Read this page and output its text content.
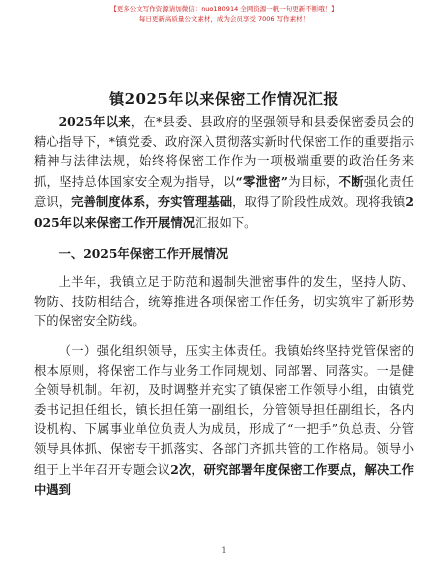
【更多公文写作资源请加微信：nuo180914 全网资源一帆一句更新不断哦！】
每日更新高质量公文素材，成为会员享受 7006 写作素材！
镇2025年以来保密工作情况汇报

2025年以来，在*县委、县政府的坚强领导和县委保密委员会的精心指导下，*镇党委、政府深入贯彻落实新时代保密工作的重要指示精神与法律法规，始终将保密工作作为一项极端重要的政治任务来抓，坚持总体国家安全观为指导，以“零泄密”为目标，不断强化责任意识，完善制度体系，夯实管理基础，取得了阶段性成效。现将我镇2025年以来保密工作开展情况汇报如下。

一、2025年保密工作开展情况

上半年，我镇立足于防范和遏制失泄密事件的发生，坚持人防、物防、技防相结合，统筹推进各项保密工作任务，切实筑牢了新形势下的保密安全防线。

（一）强化组织领导，压实主体责任。我镇始终坚持党管保密的根本原则，将保密工作与业务工作同规划、同部署、同落实。一是健全领导机制。年初，及时调整并充实了镇保密工作领导小组，由镇党委书记担任组长，镇长担任第一副组长，分管领导担任副组长，各内设机构、下属事业单位负责人为成员，形成了“一把手”负总责、分管领导具体抓、保密专干抓落实、各部门齐抓共管的工作格局。领导小组于上半年召开专题会议2次，研究部署年度保密工作要点，解决工作中遇到

1
